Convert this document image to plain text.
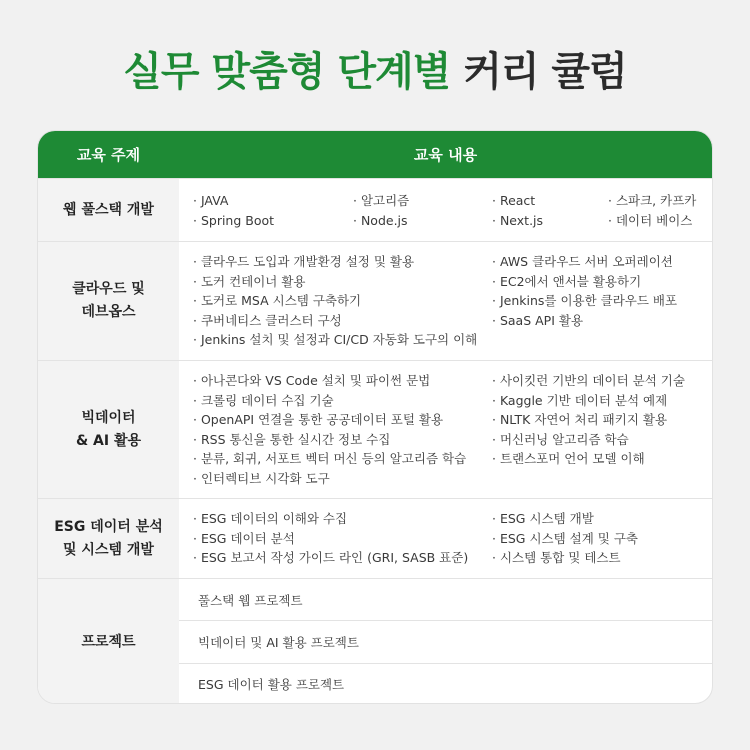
실무 맞춤형 단계별 커리 큘럼
교육 주제	교육 내용
웹 풀스택 개발
· JAVA
· Spring Boot
· 알고리즘
· Node.js
· React
· Next.js
· 스파크, 카프카
· 데이터 베이스
클라우드 및
데브옵스
· 클라우드 도입과 개발환경 설정 및 활용
· 도커 컨테이너 활용
· 도커로 MSA 시스템 구축하기
· 쿠버네티스 클러스터 구성
· Jenkins 설치 및 설정과 CI/CD 자동화 도구의 이해
· AWS 클라우드 서버 오퍼레이션
· EC2에서 앤서블 활용하기
· Jenkins를 이용한 클라우드 배포
· SaaS API 활용
빅데이터
& AI 활용
· 아나콘다와 VS Code 설치 및 파이썬 문법
· 크롤링 데이터 수집 기술
· OpenAPI 연결을 통한 공공데이터 포털 활용
· RSS 통신을 통한 실시간 정보 수집
· 분류, 회귀, 서포트 벡터 머신 등의 알고리즘 학습
· 인터렉티브 시각화 도구
· 사이킷런 기반의 데이터 분석 기술
· Kaggle 기반 데이터 분석 예제
· NLTK 자연어 처리 패키지 활용
· 머신러닝 알고리즘 학습
· 트랜스포머 언어 모델 이해
ESG 데이터 분석
및 시스템 개발
· ESG 데이터의 이해와 수집
· ESG 데이터 분석
· ESG 보고서 작성 가이드 라인 (GRI, SASB 표준)
· ESG 시스템 개발
· ESG 시스템 설계 및 구축
· 시스템 통합 및 테스트
프로젝트
풀스택 웹 프로젝트
빅데이터 및 AI 활용 프로젝트
ESG 데이터 활용 프로젝트
